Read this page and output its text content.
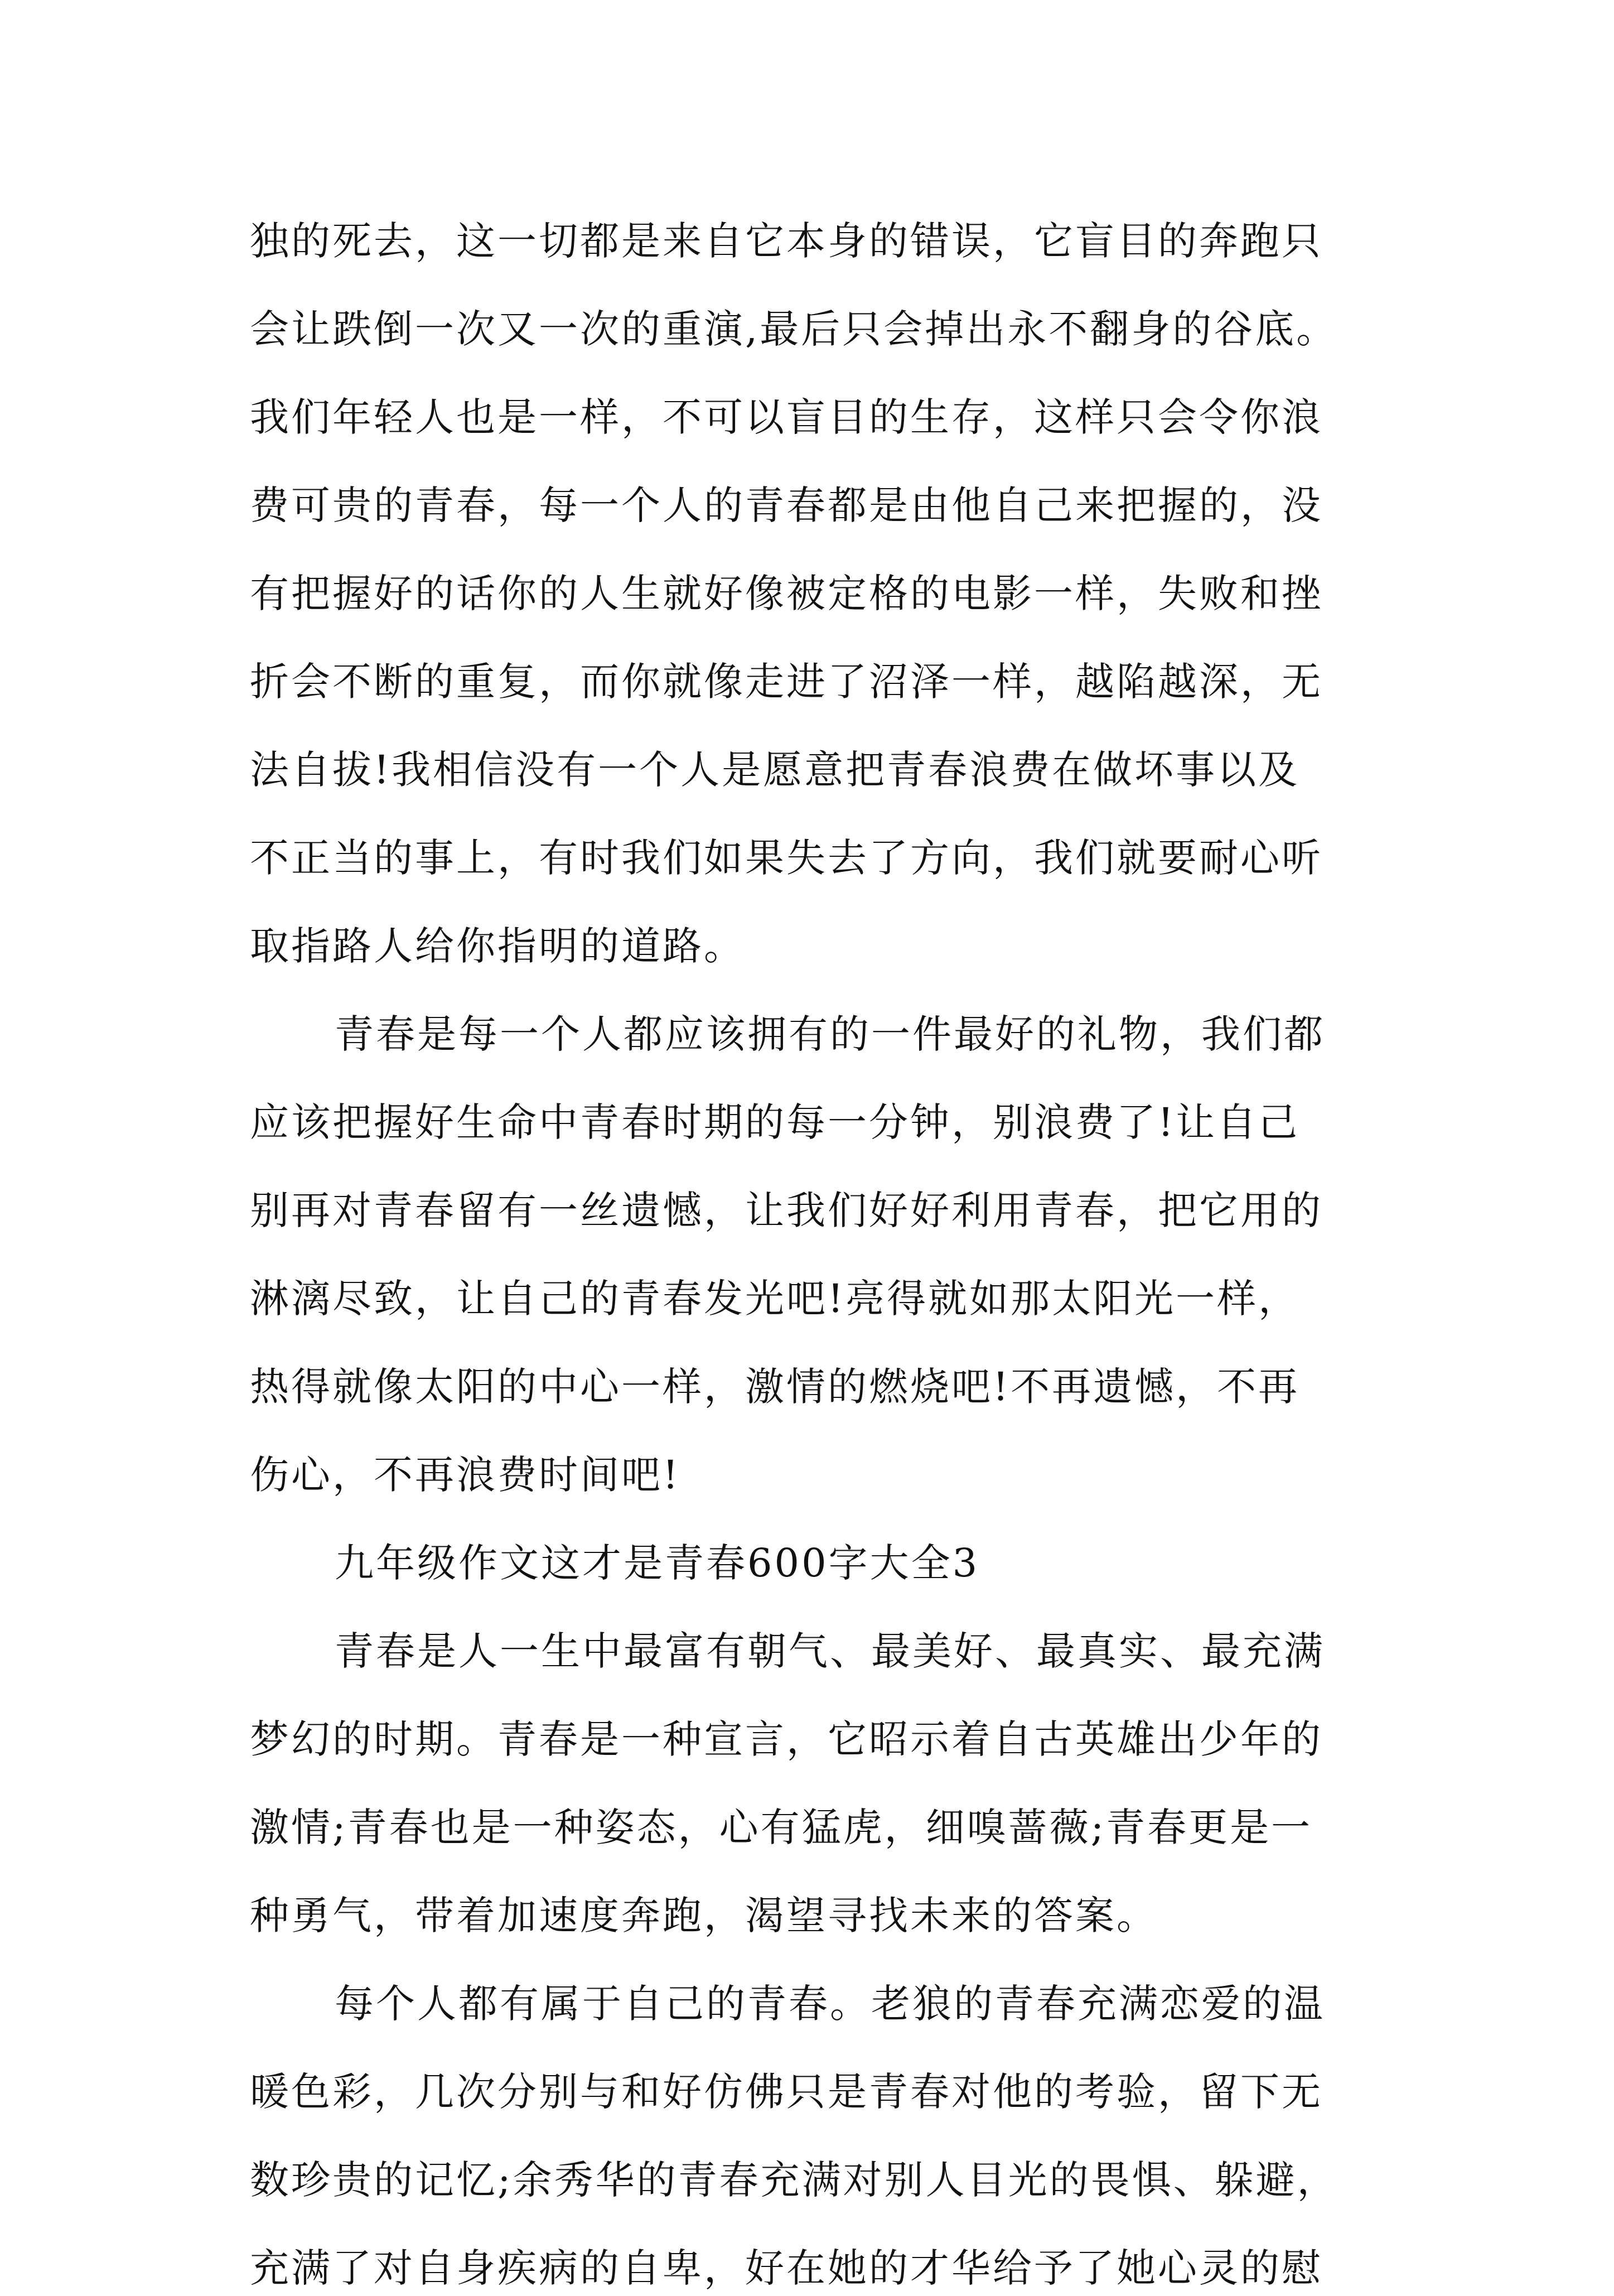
独的死去，这一切都是来自它本身的错误，它盲目的奔跑只
会让跌倒一次又一次的重演,最后只会掉出永不翻身的谷底。
我们年轻人也是一样，不可以盲目的生存，这样只会令你浪
费可贵的青春，每一个人的青春都是由他自己来把握的，没
有把握好的话你的人生就好像被定格的电影一样，失败和挫
折会不断的重复，而你就像走进了沼泽一样，越陷越深，无
法自拔!我相信没有一个人是愿意把青春浪费在做坏事以及
不正当的事上，有时我们如果失去了方向，我们就要耐心听
取指路人给你指明的道路。
青春是每一个人都应该拥有的一件最好的礼物，我们都
应该把握好生命中青春时期的每一分钟，别浪费了!让自己
别再对青春留有一丝遗憾，让我们好好利用青春，把它用的
淋漓尽致，让自己的青春发光吧!亮得就如那太阳光一样，
热得就像太阳的中心一样，激情的燃烧吧!不再遗憾，不再
伤心，不再浪费时间吧!
九年级作文这才是青春600字大全3
青春是人一生中最富有朝气、最美好、最真实、最充满
梦幻的时期。青春是一种宣言，它昭示着自古英雄出少年的
激情;青春也是一种姿态，心有猛虎，细嗅蔷薇;青春更是一
种勇气，带着加速度奔跑，渴望寻找未来的答案。
每个人都有属于自己的青春。老狼的青春充满恋爱的温
暖色彩，几次分别与和好仿佛只是青春对他的考验，留下无
数珍贵的记忆;余秀华的青春充满对别人目光的畏惧、躲避，
充满了对自身疾病的自卑，好在她的才华给予了她心灵的慰
